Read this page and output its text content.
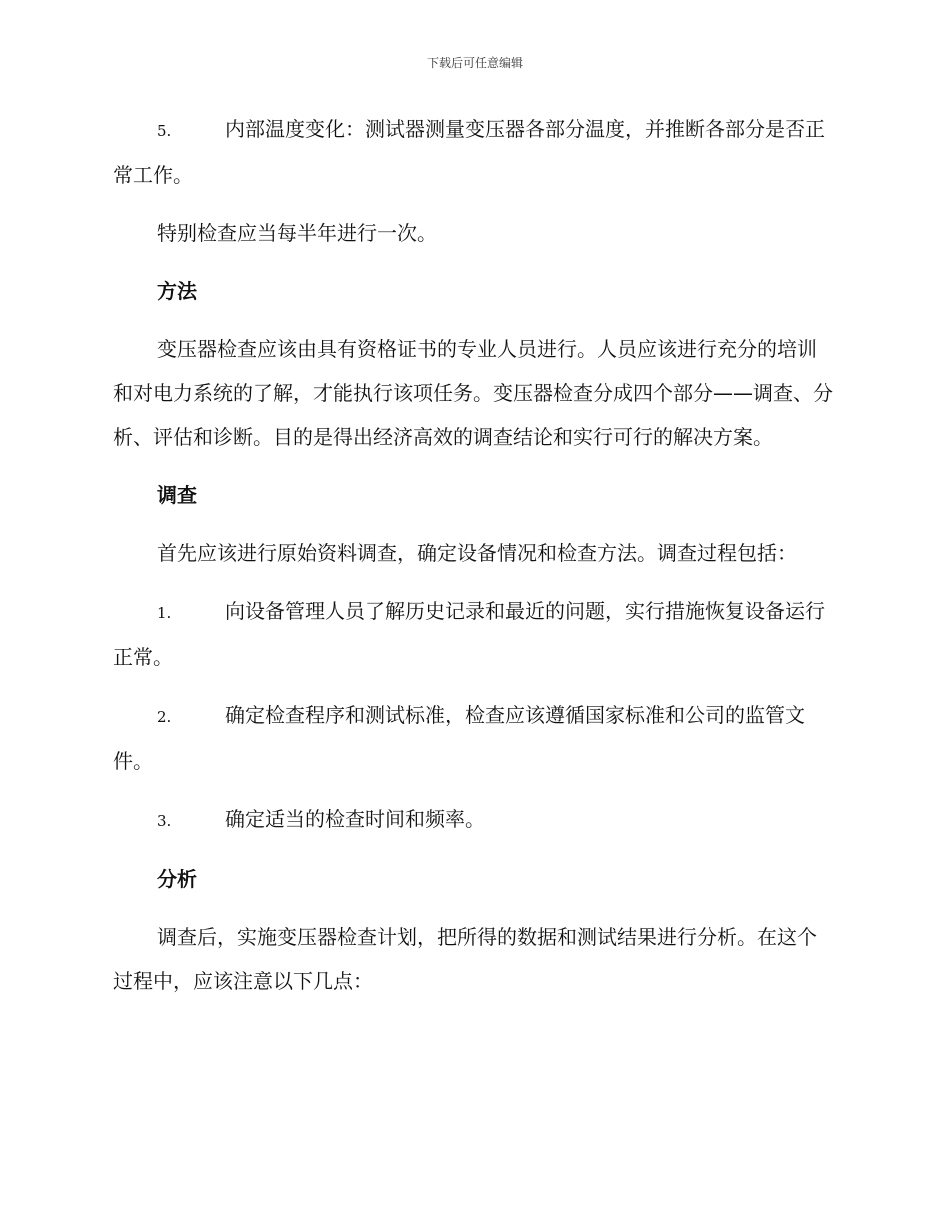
下载后可任意编辑

5.	内部温度变化：测试器测量变压器各部分温度，并推断各部分是否正常工作。

特别检查应当每半年进行一次。

方法

变压器检查应该由具有资格证书的专业人员进行。人员应该进行充分的培训和对电力系统的了解，才能执行该项任务。变压器检查分成四个部分——调查、分析、评估和诊断。目的是得出经济高效的调查结论和实行可行的解决方案。

调查

首先应该进行原始资料调查，确定设备情况和检查方法。调查过程包括：

1.	向设备管理人员了解历史记录和最近的问题，实行措施恢复设备运行正常。

2.	确定检查程序和测试标准，检查应该遵循国家标准和公司的监管文件。

3.	确定适当的检查时间和频率。

分析

调查后，实施变压器检查计划，把所得的数据和测试结果进行分析。在这个过程中，应该注意以下几点：
